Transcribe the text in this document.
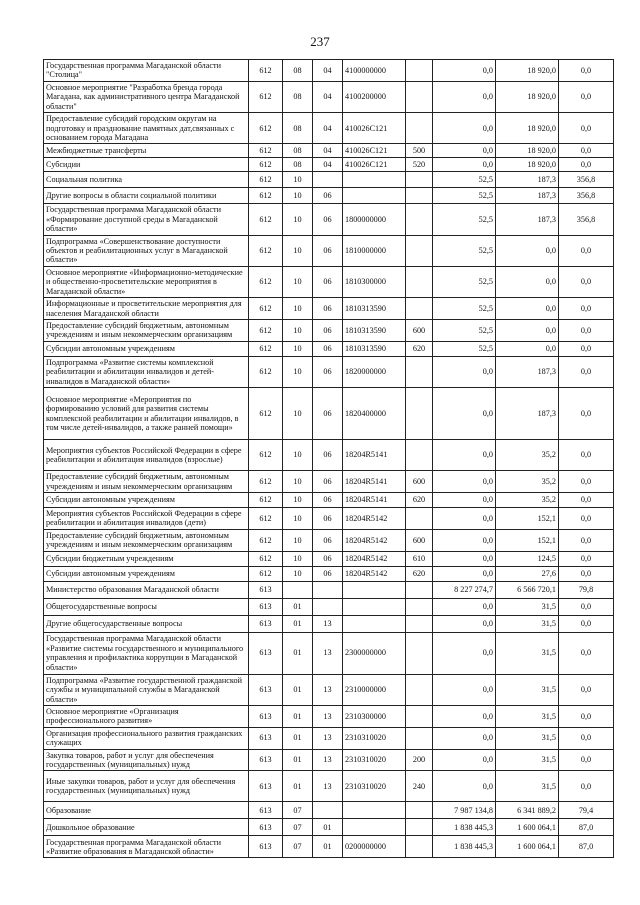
237
Государственная программа Магаданской области "Столица"	612	08	04	4100000000		0,0	18 920,0	0,0
Основное мероприятие "Разработка бренда города Магадана, как административного центра Магаданской области"	612	08	04	4100200000		0,0	18 920,0	0,0
Предоставление субсидий городским округам на подготовку и празднование памятных дат,связанных с основанием города Магадана	612	08	04	410026С121		0,0	18 920,0	0,0
Межбюджетные трансферты	612	08	04	410026С121	500	0,0	18 920,0	0,0
Субсидии	612	08	04	410026С121	520	0,0	18 920,0	0,0
Социальная политика	612	10				52,5	187,3	356,8
Другие вопросы в области социальной политики	612	10	06			52,5	187,3	356,8
Государственная программа Магаданской области «Формирование доступной среды в Магаданской области»	612	10	06	1800000000		52,5	187,3	356,8
Подпрограмма «Совершенствование доступности объектов и реабилитационных услуг в Магаданской области»	612	10	06	1810000000		52,5	0,0	0,0
Основное мероприятие «Информационно-методические и общественно-просветительские мероприятия в Магаданской области»	612	10	06	1810300000		52,5	0,0	0,0
Информационные и просветительские мероприятия для населения Магаданской области	612	10	06	1810313590		52,5	0,0	0,0
Предоставление субсидий бюджетным, автономным учреждениям и иным некоммерческим организациям	612	10	06	1810313590	600	52,5	0,0	0,0
Субсидии автономным учреждениям	612	10	06	1810313590	620	52,5	0,0	0,0
Подпрограмма «Развитие системы комплексной реабилитации и абилитации инвалидов и детей-инвалидов в Магаданской области»	612	10	06	1820000000		0,0	187,3	0,0
Основное мероприятие «Мероприятия по формированию условий для развития системы комплексной реабилитации и абилитации инвалидов, в том числе детей-инвалидов, а также ранней помощи»	612	10	06	1820400000		0,0	187,3	0,0
Мероприятия субъектов Российской Федерации в сфере реабилитации и абилитация инвалидов (взрослые)	612	10	06	18204R5141		0,0	35,2	0,0
Предоставление субсидий бюджетным, автономным учреждениям и иным некоммерческим организациям	612	10	06	18204R5141	600	0,0	35,2	0,0
Субсидии автономным учреждениям	612	10	06	18204R5141	620	0,0	35,2	0,0
Мероприятия субъектов Российской Федерации в сфере реабилитации и абилитация инвалидов (дети)	612	10	06	18204R5142		0,0	152,1	0,0
Предоставление субсидий бюджетным, автономным учреждениям и иным некоммерческим организациям	612	10	06	18204R5142	600	0,0	152,1	0,0
Субсидии бюджетным учреждениям	612	10	06	18204R5142	610	0,0	124,5	0,0
Субсидии автономным учреждениям	612	10	06	18204R5142	620	0,0	27,6	0,0
Министерство образования Магаданской области	613					8 227 274,7	6 566 720,1	79,8
Общегосударственные вопросы	613	01				0,0	31,5	0,0
Другие общегосударственные вопросы	613	01	13			0,0	31,5	0,0
Государственная программа Магаданской области «Развитие системы государственного и муниципального управления и профилактика коррупции в Магаданской области»	613	01	13	2300000000		0,0	31,5	0,0
Подпрограмма «Развитие государственной гражданской службы и муниципальной службы в Магаданской области»	613	01	13	2310000000		0,0	31,5	0,0
Основное мероприятие «Организация профессионального развития»	613	01	13	2310300000		0,0	31,5	0,0
Организация профессионального развития гражданских служащих	613	01	13	2310310020		0,0	31,5	0,0
Закупка товаров, работ и услуг для обеспечения государственных (муниципальных) нужд	613	01	13	2310310020	200	0,0	31,5	0,0
Иные закупки товаров, работ и услуг для обеспечения государственных (муниципальных) нужд	613	01	13	2310310020	240	0,0	31,5	0,0
Образование	613	07				7 987 134,8	6 341 889,2	79,4
Дошкольное образование	613	07	01			1 838 445,3	1 600 064,1	87,0
Государственная программа Магаданской области «Развитие образования в Магаданской области»	613	07	01	0200000000		1 838 445,3	1 600 064,1	87,0
